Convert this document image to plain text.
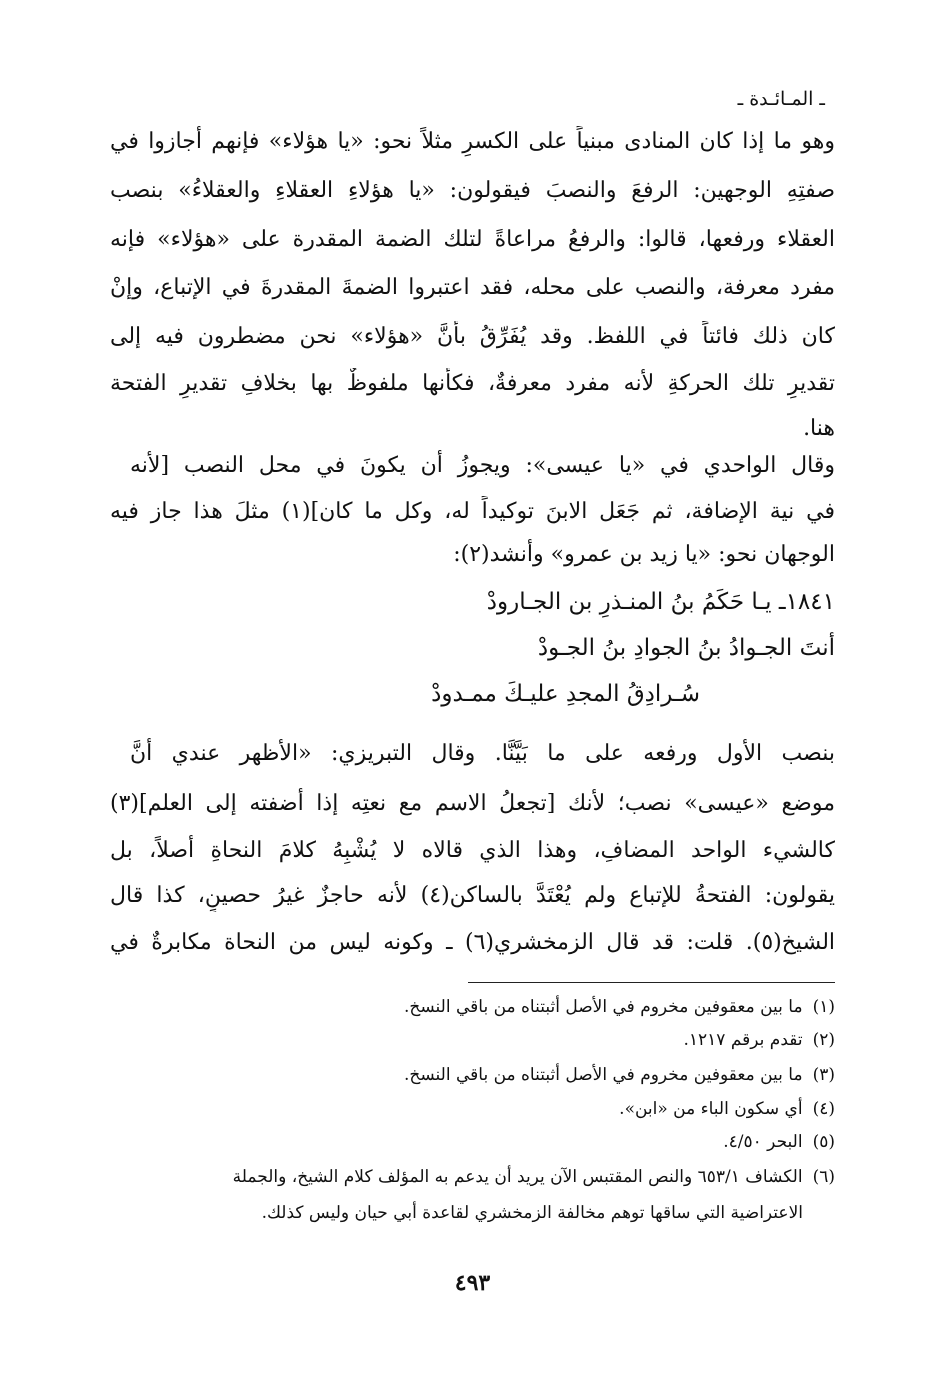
ـ المـائـدة ـ
وهو ما إذا كان المنادى مبنياً على الكسرِ مثلاً نحو: «يا هؤلاء» فإنهم أجازوا في
صفتِهِ الوجهين: الرفعَ والنصبَ فيقولون: «يا هؤلاءِ العقلاءِ والعقلاءُ» بنصب
العقلاء ورفعها، قالوا: والرفعُ مراعاةً لتلك الضمة المقدرة على «هؤلاء» فإنه
مفرد معرفة، والنصب على محله، فقد اعتبروا الضمةَ المقدرةَ في الإتباع، وإنْ
كان ذلك فائتاً في اللفظ. وقد يُفَرِّقُ بأنَّ «هؤلاء» نحن مضطرون فيه إلى
تقديرِ تلك الحركةِ لأنه مفرد معرفةٌ، فكأنها ملفوظٌ بها بخلافِ تقديرِ الفتحة
هنا.
وقال الواحدي في «يا عيسى»: ويجوزُ أن يكونَ في محل النصب [لأنه
في نية الإضافة، ثم جَعَل الابنَ توكيداً له، وكل ما كان](١) مثلَ هذا جاز فيه
الوجهان نحو: «يا زيد بن عمرو» وأنشد(٢):
١٨٤١ـ يـا حَكَمُ بنُ المنـذرِ بن الجـارودْ
أنتَ الجـوادُ بنُ الجوادِ بنُ الجـودْ
سُـرادِقُ المجدِ عليـكَ ممـدودْ
بنصب الأول ورفعه على ما بَيَّنَّا. وقال التبريزي: «الأظهر عندي أنَّ
موضع «عيسى» نصب؛ لأنك [تجعلُ الاسم مع نعتِه إذا أضفته إلى العلم](٣)
كالشيء الواحد المضافِ، وهذا الذي قالاه لا يُشْبِهُ كلامَ النحاةِ أصلاً، بل
يقولون: الفتحةُ للإتباع ولم يُعْتَدَّ بالساكن(٤) لأنه حاجزٌ غيرُ حصينٍ، كذا قال
الشيخ(٥). قلت: قد قال الزمخشري(٦) ـ وكونه ليس من النحاة مكابرةٌ في
(١)ما بين معقوفين مخروم في الأصل أثبتناه من باقي النسخ.
(٢)تقدم برقم ١٢١٧.
(٣)ما بين معقوفين مخروم في الأصل أثبتناه من باقي النسخ.
(٤)أي سكون الباء من «ابن».
(٥)البحر ٤/٥٠.
(٦)الكشاف ٦٥٣/١ والنص المقتبس الآن يريد أن يدعم به المؤلف كلام الشيخ، والجملة
الاعتراضية التي ساقها توهم مخالفة الزمخشري لقاعدة أبي حيان وليس كذلك.
٤٩٣
